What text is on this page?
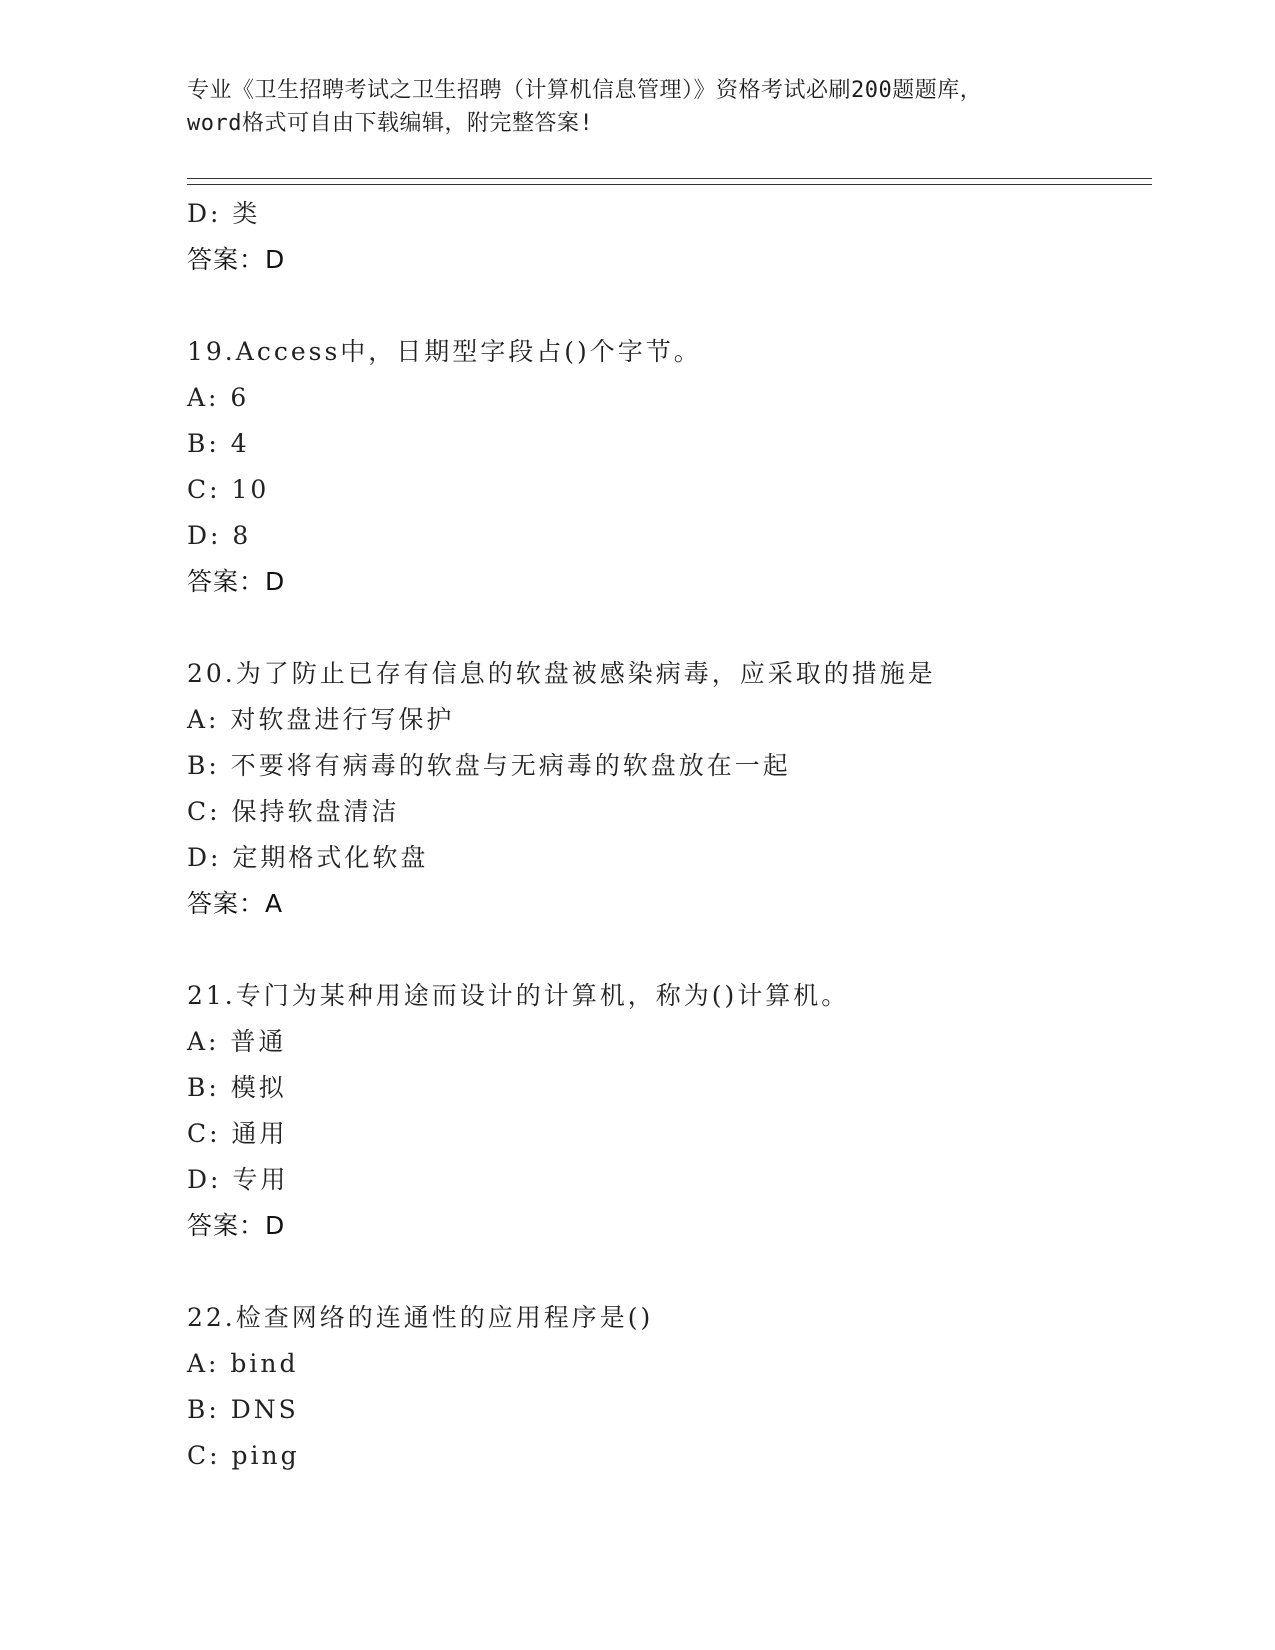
专业《卫生招聘考试之卫生招聘（计算机信息管理）》资格考试必刷200题题库，
word格式可自由下载编辑，附完整答案!
D: 类
答案：D
19.Access中，日期型字段占()个字节。
A: 6
B: 4
C: 10
D: 8
答案：D
20.为了防止已存有信息的软盘被感染病毒，应采取的措施是
A: 对软盘进行写保护
B: 不要将有病毒的软盘与无病毒的软盘放在一起
C: 保持软盘清洁
D: 定期格式化软盘
答案：A
21.专门为某种用途而设计的计算机，称为()计算机。
A: 普通
B: 模拟
C: 通用
D: 专用
答案：D
22.检查网络的连通性的应用程序是()
A: bind
B: DNS
C: ping
